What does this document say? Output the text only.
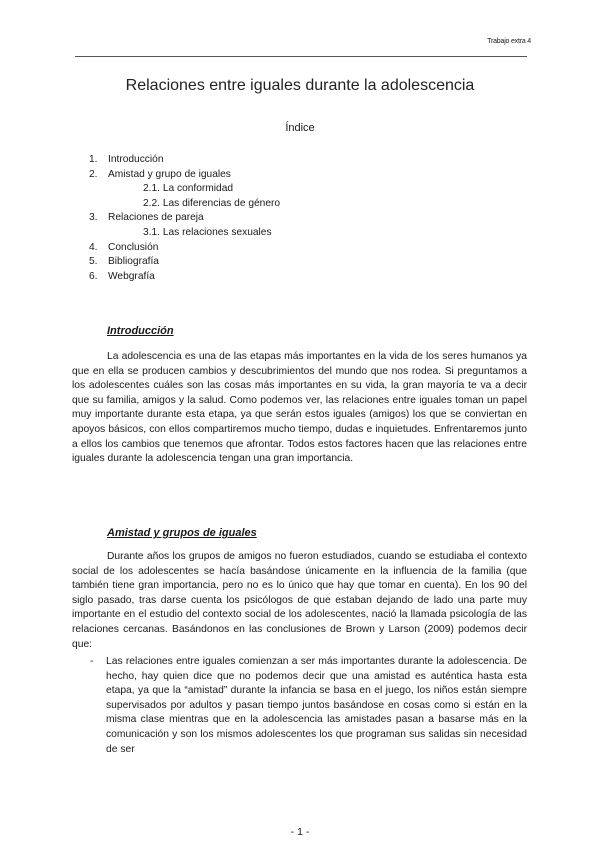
Trabajo extra 4
Relaciones entre iguales durante la adolescencia
Índice
1. Introducción
2. Amistad y grupo de iguales
2.1. La conformidad
2.2. Las diferencias de género
3. Relaciones de pareja
3.1. Las relaciones sexuales
4. Conclusión
5. Bibliografía
6. Webgrafía
Introducción

La adolescencia es una de las etapas más importantes en la vida de los seres humanos ya que en ella se producen cambios y descubrimientos del mundo que nos rodea. Si preguntamos a los adolescentes cuáles son las cosas más importantes en su vida, la gran mayoría te va a decir que su familia, amigos y la salud. Como podemos ver, las relaciones entre iguales toman un papel muy importante durante esta etapa, ya que serán estos iguales (amigos) los que se conviertan en apoyos básicos, con ellos compartiremos mucho tiempo, dudas e inquietudes. Enfrentaremos junto a ellos los cambios que tenemos que afrontar. Todos estos factores hacen que las relaciones entre iguales durante la adolescencia tengan una gran importancia.

Amistad y grupos de iguales

Durante años los grupos de amigos no fueron estudiados, cuando se estudiaba el contexto social de los adolescentes se hacía basándose únicamente en la influencia de la familia (que también tiene gran importancia, pero no es lo único que hay que tomar en cuenta). En los 90 del siglo pasado, tras darse cuenta los psicólogos de que estaban dejando de lado una parte muy importante en el estudio del contexto social de los adolescentes, nació la llamada psicología de las relaciones cercanas. Basándonos en las conclusiones de Brown y Larson (2009) podemos decir que:

- Las relaciones entre iguales comienzan a ser más importantes durante la adolescencia. De hecho, hay quien dice que no podemos decir que una amistad es auténtica hasta esta etapa, ya que la “amistad” durante la infancia se basa en el juego, los niños están siempre supervisados por adultos y pasan tiempo juntos basándose en cosas como si están en la misma clase mientras que en la adolescencia las amistades pasan a basarse más en la comunicación y son los mismos adolescentes los que programan sus salidas sin necesidad de ser
- 1 -
